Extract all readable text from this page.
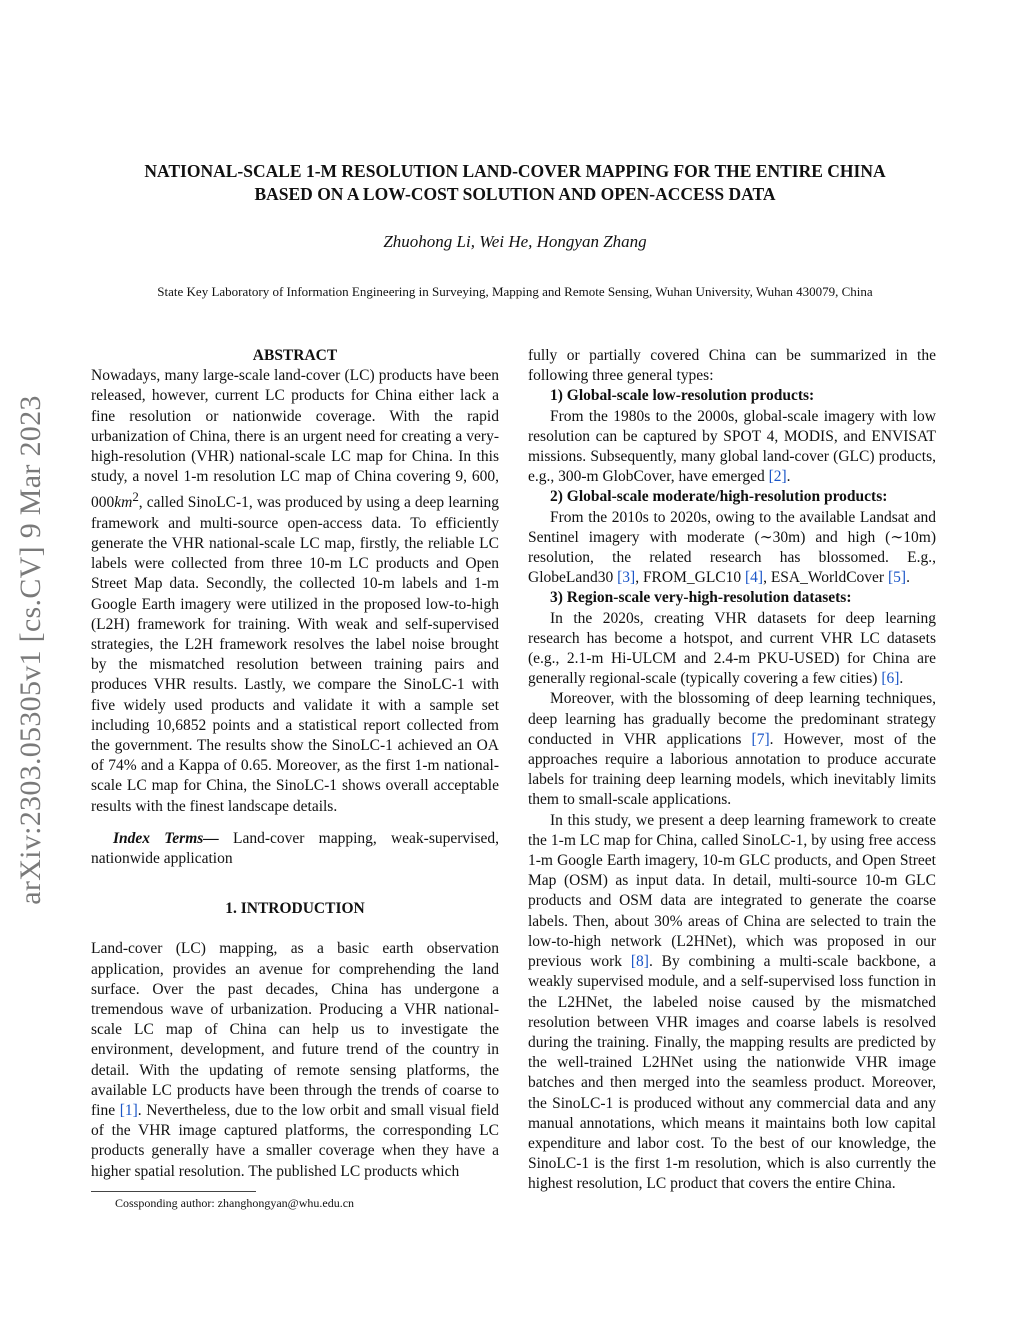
arXiv:2303.05305v1 [cs.CV] 9 Mar 2023
NATIONAL-SCALE 1-M RESOLUTION LAND-COVER MAPPING FOR THE ENTIRE CHINA
BASED ON A LOW-COST SOLUTION AND OPEN-ACCESS DATA
Zhuohong Li, Wei He, Hongyan Zhang
State Key Laboratory of Information Engineering in Surveying, Mapping and Remote Sensing, Wuhan University, Wuhan 430079, China

ABSTRACT

Nowadays, many large-scale land-cover (LC) products have been released, however, current LC products for China either lack a fine resolution or nationwide coverage. With the rapid urbanization of China, there is an urgent need for creating a very-high-resolution (VHR) national-scale LC map for China. In this study, a novel 1-m resolution LC map of China covering 9, 600, $000km^2$, called SinoLC-1, was produced by using a deep learning framework and multi-source open-access data. To efficiently generate the VHR national-scale LC map, firstly, the reliable LC labels were collected from three 10-m LC products and Open Street Map data. Secondly, the collected 10-m labels and 1-m Google Earth imagery were utilized in the proposed low-to-high (L2H) framework for training. With weak and self-supervised strategies, the L2H framework resolves the label noise brought by the mismatched resolution between training pairs and produces VHR results. Lastly, we compare the SinoLC-1 with five widely used products and validate it with a sample set including 10,6852 points and a statistical report collected from the government. The results show the SinoLC-1 achieved an OA of 74% and a Kappa of 0.65. Moreover, as the first 1-m national-scale LC map for China, the SinoLC-1 shows overall acceptable results with the finest landscape details.

Index Terms— Land-cover mapping, weak-supervised, nationwide application

1. INTRODUCTION

Land-cover (LC) mapping, as a basic earth observation application, provides an avenue for comprehending the land surface. Over the past decades, China has undergone a tremendous wave of urbanization. Producing a VHR national-scale LC map of China can help us to investigate the environment, development, and future trend of the country in detail. With the updating of remote sensing platforms, the available LC products have been through the trends of coarse to fine [1]. Nevertheless, due to the low orbit and small visual field of the VHR image captured platforms, the corresponding LC products generally have a smaller coverage when they have a higher spatial resolution. The published LC products which

Cossponding author: zhanghongyan@whu.edu.cn

fully or partially covered China can be summarized in the following three general types:

1) Global-scale low-resolution products:

From the 1980s to the 2000s, global-scale imagery with low resolution can be captured by SPOT 4, MODIS, and ENVISAT missions. Subsequently, many global land-cover (GLC) products, e.g., 300-m GlobCover, have emerged [2].

2) Global-scale moderate/high-resolution products:

From the 2010s to 2020s, owing to the available Landsat and Sentinel imagery with moderate (∼30m) and high (∼10m) resolution, the related research has blossomed. E.g., GlobeLand30 [3], FROM_GLC10 [4], ESA_WorldCover [5].

3) Region-scale very-high-resolution datasets:

In the 2020s, creating VHR datasets for deep learning research has become a hotspot, and current VHR LC datasets (e.g., 2.1-m Hi-ULCM and 2.4-m PKU-USED) for China are generally regional-scale (typically covering a few cities) [6].

Moreover, with the blossoming of deep learning techniques, deep learning has gradually become the predominant strategy conducted in VHR applications [7]. However, most of the approaches require a laborious annotation to produce accurate labels for training deep learning models, which inevitably limits them to small-scale applications.

In this study, we present a deep learning framework to create the 1-m LC map for China, called SinoLC-1, by using free access 1-m Google Earth imagery, 10-m GLC products, and Open Street Map (OSM) as input data. In detail, multi-source 10-m GLC products and OSM data are integrated to generate the coarse labels. Then, about 30% areas of China are selected to train the low-to-high network (L2HNet), which was proposed in our previous work [8]. By combining a multi-scale backbone, a weakly supervised module, and a self-supervised loss function in the L2HNet, the labeled noise caused by the mismatched resolution between VHR images and coarse labels is resolved during the training. Finally, the mapping results are predicted by the well-trained L2HNet using the nationwide VHR image batches and then merged into the seamless product. Moreover, the SinoLC-1 is produced without any commercial data and any manual annotations, which means it maintains both low capital expenditure and labor cost. To the best of our knowledge, the SinoLC-1 is the first 1-m resolution, which is also currently the highest resolution, LC product that covers the entire China.
